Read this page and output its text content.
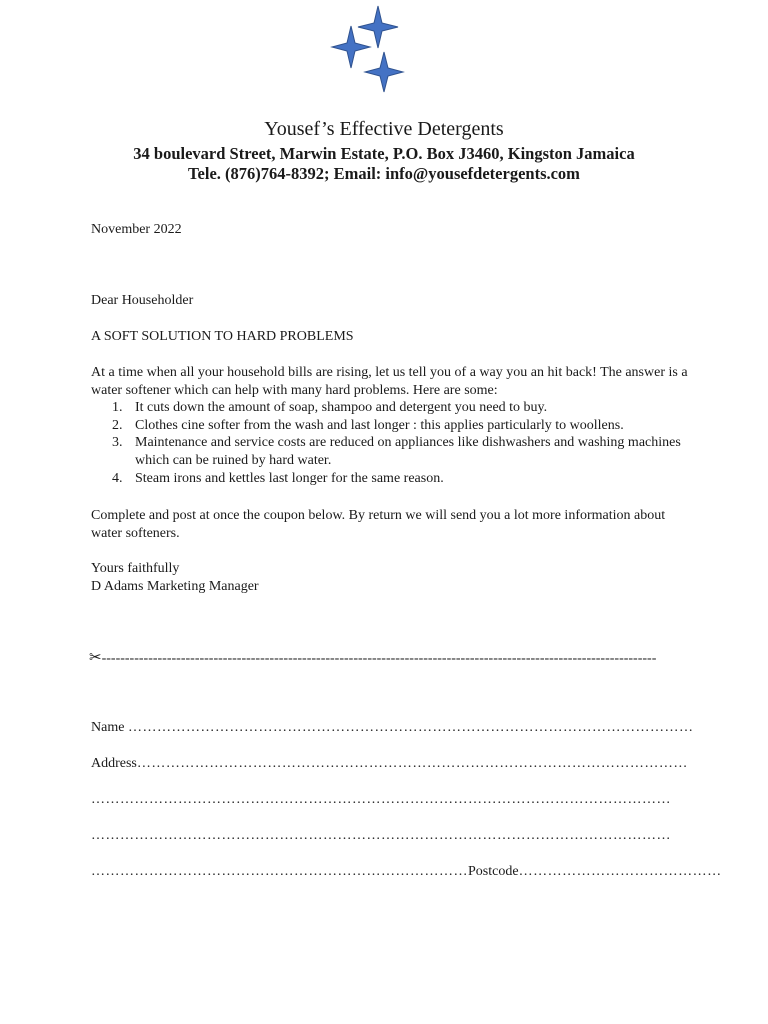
Yousef’s Effective Detergents
34 boulevard Street, Marwin Estate, P.O. Box J3460, Kingston Jamaica
Tele. (876)764-8392; Email: info@yousefdetergents.com
November 2022
Dear Householder
A SOFT SOLUTION TO HARD PROBLEMS
At a time when all your household bills are rising, let us tell you of a way you an hit back! The answer is a water softener which can help with many hard problems. Here are some:
1. It cuts down the amount of soap, shampoo and detergent you need to buy.
2. Clothes cine softer from the wash and last longer : this applies particularly to woollens.
3. Maintenance and service costs are reduced on appliances like dishwashers and washing machines which can be ruined by hard water.
4. Steam irons and kettles last longer for the same reason.
Complete and post at once the coupon below. By return we will send you a lot more information about water softeners.
Yours faithfully
D Adams Marketing Manager
✂-----------------------------------------------------------------------------------------------------------------------
Name ………………………………………………………………………………………………………
Address……………………………………………………………………………………………………
…………………………………………………………………………………………………………
…………………………………………………………………………………………………………
……………………………………………………………………Postcode……………………………………
